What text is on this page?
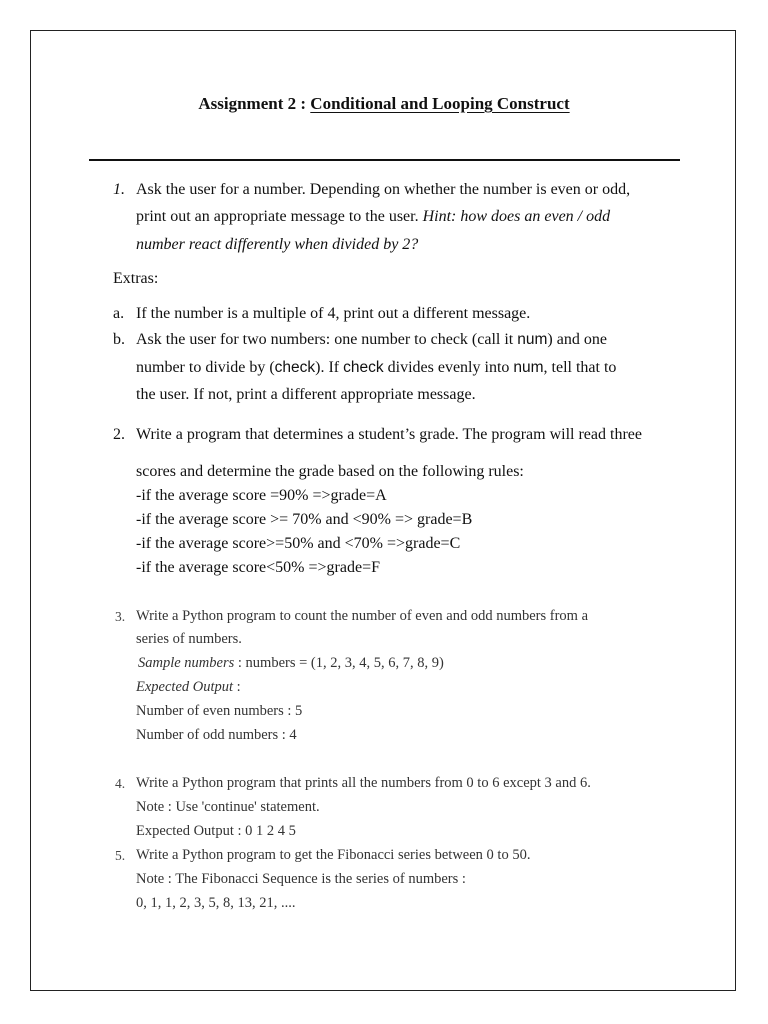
Assignment 2 : Conditional and Looping Construct
1. Ask the user for a number. Depending on whether the number is even or odd,
print out an appropriate message to the user. Hint: how does an even / odd
number react differently when divided by 2?
Extras:
a. If the number is a multiple of 4, print out a different message.
b. Ask the user for two numbers: one number to check (call it num) and one
number to divide by (check). If check divides evenly into num, tell that to
the user. If not, print a different appropriate message.
2. Write a program that determines a student’s grade. The program will read three
scores and determine the grade based on the following rules:
-if the average score =90% =>grade=A
-if the average score >= 70% and <90% => grade=B
-if the average score>=50% and <70% =>grade=C
-if the average score<50% =>grade=F
3. Write a Python program to count the number of even and odd numbers from a
series of numbers.
Sample numbers : numbers = (1, 2, 3, 4, 5, 6, 7, 8, 9)
Expected Output :
Number of even numbers : 5
Number of odd numbers : 4
4. Write a Python program that prints all the numbers from 0 to 6 except 3 and 6.
Note : Use 'continue' statement.
Expected Output : 0 1 2 4 5
5. Write a Python program to get the Fibonacci series between 0 to 50.
Note : The Fibonacci Sequence is the series of numbers :
0, 1, 1, 2, 3, 5, 8, 13, 21, ....
